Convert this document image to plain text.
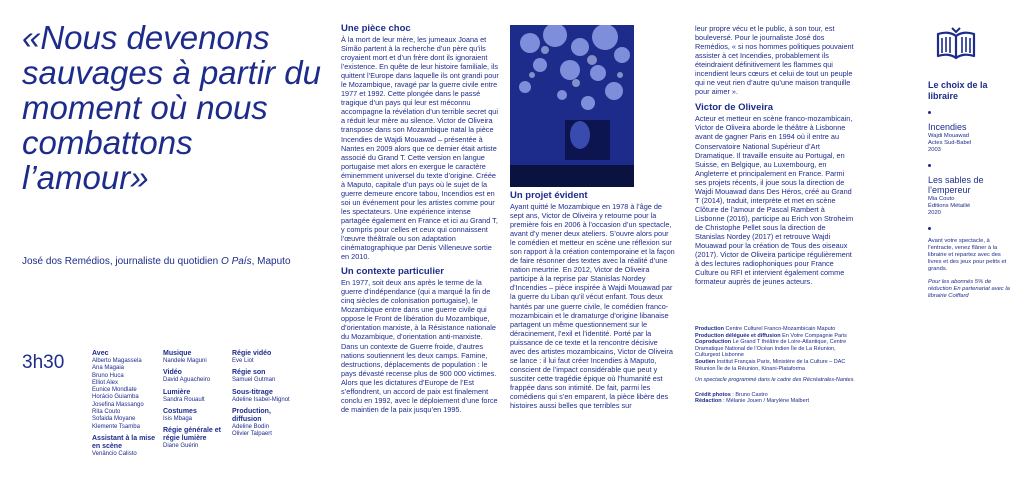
«Nous devenons sauvages à partir du moment où nous combattons l’amour»
José dos Remédios, journaliste du quotidien O País, Maputo
3h30	Avec
Alberto Magassela
Ana Magaia
Bruno Huca
Elliot Alex
Eunice Mondlate
Horácio Guiamba
Josefina Massango
Rita Couto
Sofaida Moyane
Klemente Tsamba
Assistant à la mise en scène
Venâncio Calisto
Musique
Nandele Maguni
Vidéo
David Aguacheiro
Lumière
Sandra Rouault
Costumes
Isis Mbaga
Régie générale et régie lumière
Diane Guérin
Régie vidéo
Eve Liot
Régie son
Samuel Gutman
Sous-titrage
Adeline Isabel-Mignot
Production, diffusion
Adeline Bodin
Olivier Talpaert
Une pièce choc

À la mort de leur mère, les jumeaux Joana et Simão partent à la recherche d’un père qu’ils croyaient mort et d’un frère dont ils ignoraient l’existence. En quête de leur histoire familiale, ils quittent l’Europe dans laquelle ils ont grandi pour le Mozambique, ravagé par la guerre civile entre 1977 et 1992. Cette plongée dans le passé tragique d’un pays qui leur est méconnu accompagne la révélation d’un terrible secret qui a réduit leur mère au silence. Victor de Oliveira transpose dans son Mozambique natal la pièce Incendies de Wajdi Mouawad – présentée à Nantes en 2009 alors que ce dernier était artiste associé du Grand T. Cette version en langue portugaise met alors en exergue le caractère éminemment universel du texte d’origine. Créée à Maputo, capitale d’un pays où le sujet de la guerre demeure encore tabou, Incendios est en soi un événement pour les artistes comme pour les spectateurs. Une expérience intense partagée également en France et ici au Grand T, y compris pour celles et ceux qui connaissent l’œuvre théâtrale ou son adaptation cinématographique par Denis Villeneuve sortie en 2010.

Un contexte particulier

En 1977, soit deux ans après le terme de la guerre d’indépendance (qui a marqué la fin de cinq siècles de colonisation portugaise), le Mozambique entre dans une guerre civile qui oppose le Front de libération du Mozambique, d’orientation marxiste, à la Résistance nationale du Mozambique, d’orientation anti-marxiste. Dans un contexte de Guerre froide, d’autres nations soutiennent les deux camps. Famine, destructions, déplacements de population : le pays dévasté recense plus de 900 000 victimes. Alors que les dictatures d’Europe de l’Est s’effondrent, un accord de paix est finalement conclu en 1992, avec le déploiement d’une force de maintien de la paix jusqu’en 1995.

Un projet évident

Ayant quitté le Mozambique en 1978 à l’âge de sept ans, Victor de Oliveira y retourne pour la première fois en 2006 à l’occasion d’un spectacle, avant d’y mener deux ateliers. S’ouvre alors pour le comédien et metteur en scène une réflexion sur son rapport à la création contemporaine et la façon de faire résonner des textes avec la réalité d’une nation meurtrie. En 2012, Victor de Oliveira participe à la reprise par Stanislas Nordey d’Incendies – pièce inspirée à Wajdi Mouawad par la guerre du Liban qu’il vécut enfant. Tous deux hantés par une guerre civile, le comédien franco-mozambicain et le dramaturge d’origine libanaise partagent un même questionnement sur le déracinement, l’exil et l’identité. Porté par la puissance de ce texte et la rencontre décisive avec des artistes mozambicains, Victor de Oliveira se lance : il lui faut créer Incendies à Maputo, conscient de l’impact considérable que peut y susciter cette tragédie épique où l’humanité est frappée dans son intimité. De fait, parmi les comédiens qui s’en emparent, la pièce libère des histoires aussi belles que terribles sur

leur propre vécu et le public, à son tour, est bouleversé. Pour le journaliste José dos Remédios, « si nos hommes politiques pouvaient assister à cet Incendies, probablement ils éteindraient définitivement les flammes qui incendient leurs cœurs et celui de tout un peuple qui ne veut rien d’autre qu’une maison tranquille pour aimer ».

Victor de Oliveira

Acteur et metteur en scène franco-mozambicain, Victor de Oliveira aborde le théâtre à Lisbonne avant de gagner Paris en 1994 où il entre au Conservatoire National Supérieur d’Art Dramatique. Il travaille ensuite au Portugal, en Suisse, en Belgique, au Luxembourg, en Angleterre et principalement en France. Parmi ses projets récents, il joue sous la direction de Wajdi Mouawad dans Des Héros, créé au Grand T (2014), traduit, interprète et met en scène Clôture de l’amour de Pascal Rambert à Lisbonne (2016), participe au Erich von Stroheim de Christophe Pellet sous la direction de Stanislas Nordey (2017) et retrouve Wajdi Mouawad pour la création de Tous des oiseaux (2017). Victor de Oliveira participe régulièrement à des lectures radiophoniques pour France Culture ou RFI et intervient également comme formateur auprès de jeunes acteurs.

Production Centre Culturel Franco-Mozambicain Maputo

Production déléguée et diffusion En Votre Compagnie Paris

Coproduction Le Grand T théâtre de Loire-Atlantique, Centre Dramatique National de l’Océan Indien Île de La Réunion, Culturgest Lisbonne

Soutien Institut Français Paris, Ministère de la Culture – DAC Réunion Île de la Réunion, Kinani-Plataforma

Un spectacle programmé dans le cadre des Récréatrales-Nantes.

Crédit photos : Bruno Castro

Rédaction : Mélanie Jouen / Marylène Malbert

Le choix de la libraire
Incendies
Wajdi Mouawad
Actes Sud-Babel
2003
Les sables de l’empereur
Mia Couto
Éditions Métailié
2020
Avant votre spectacle, à l’entracte, venez flâner à la librairie et repartez avec des livres et des jeux pour petits et grands.
Pour les abonnés 5% de réduction En partenariat avec la librairie Coiffard
